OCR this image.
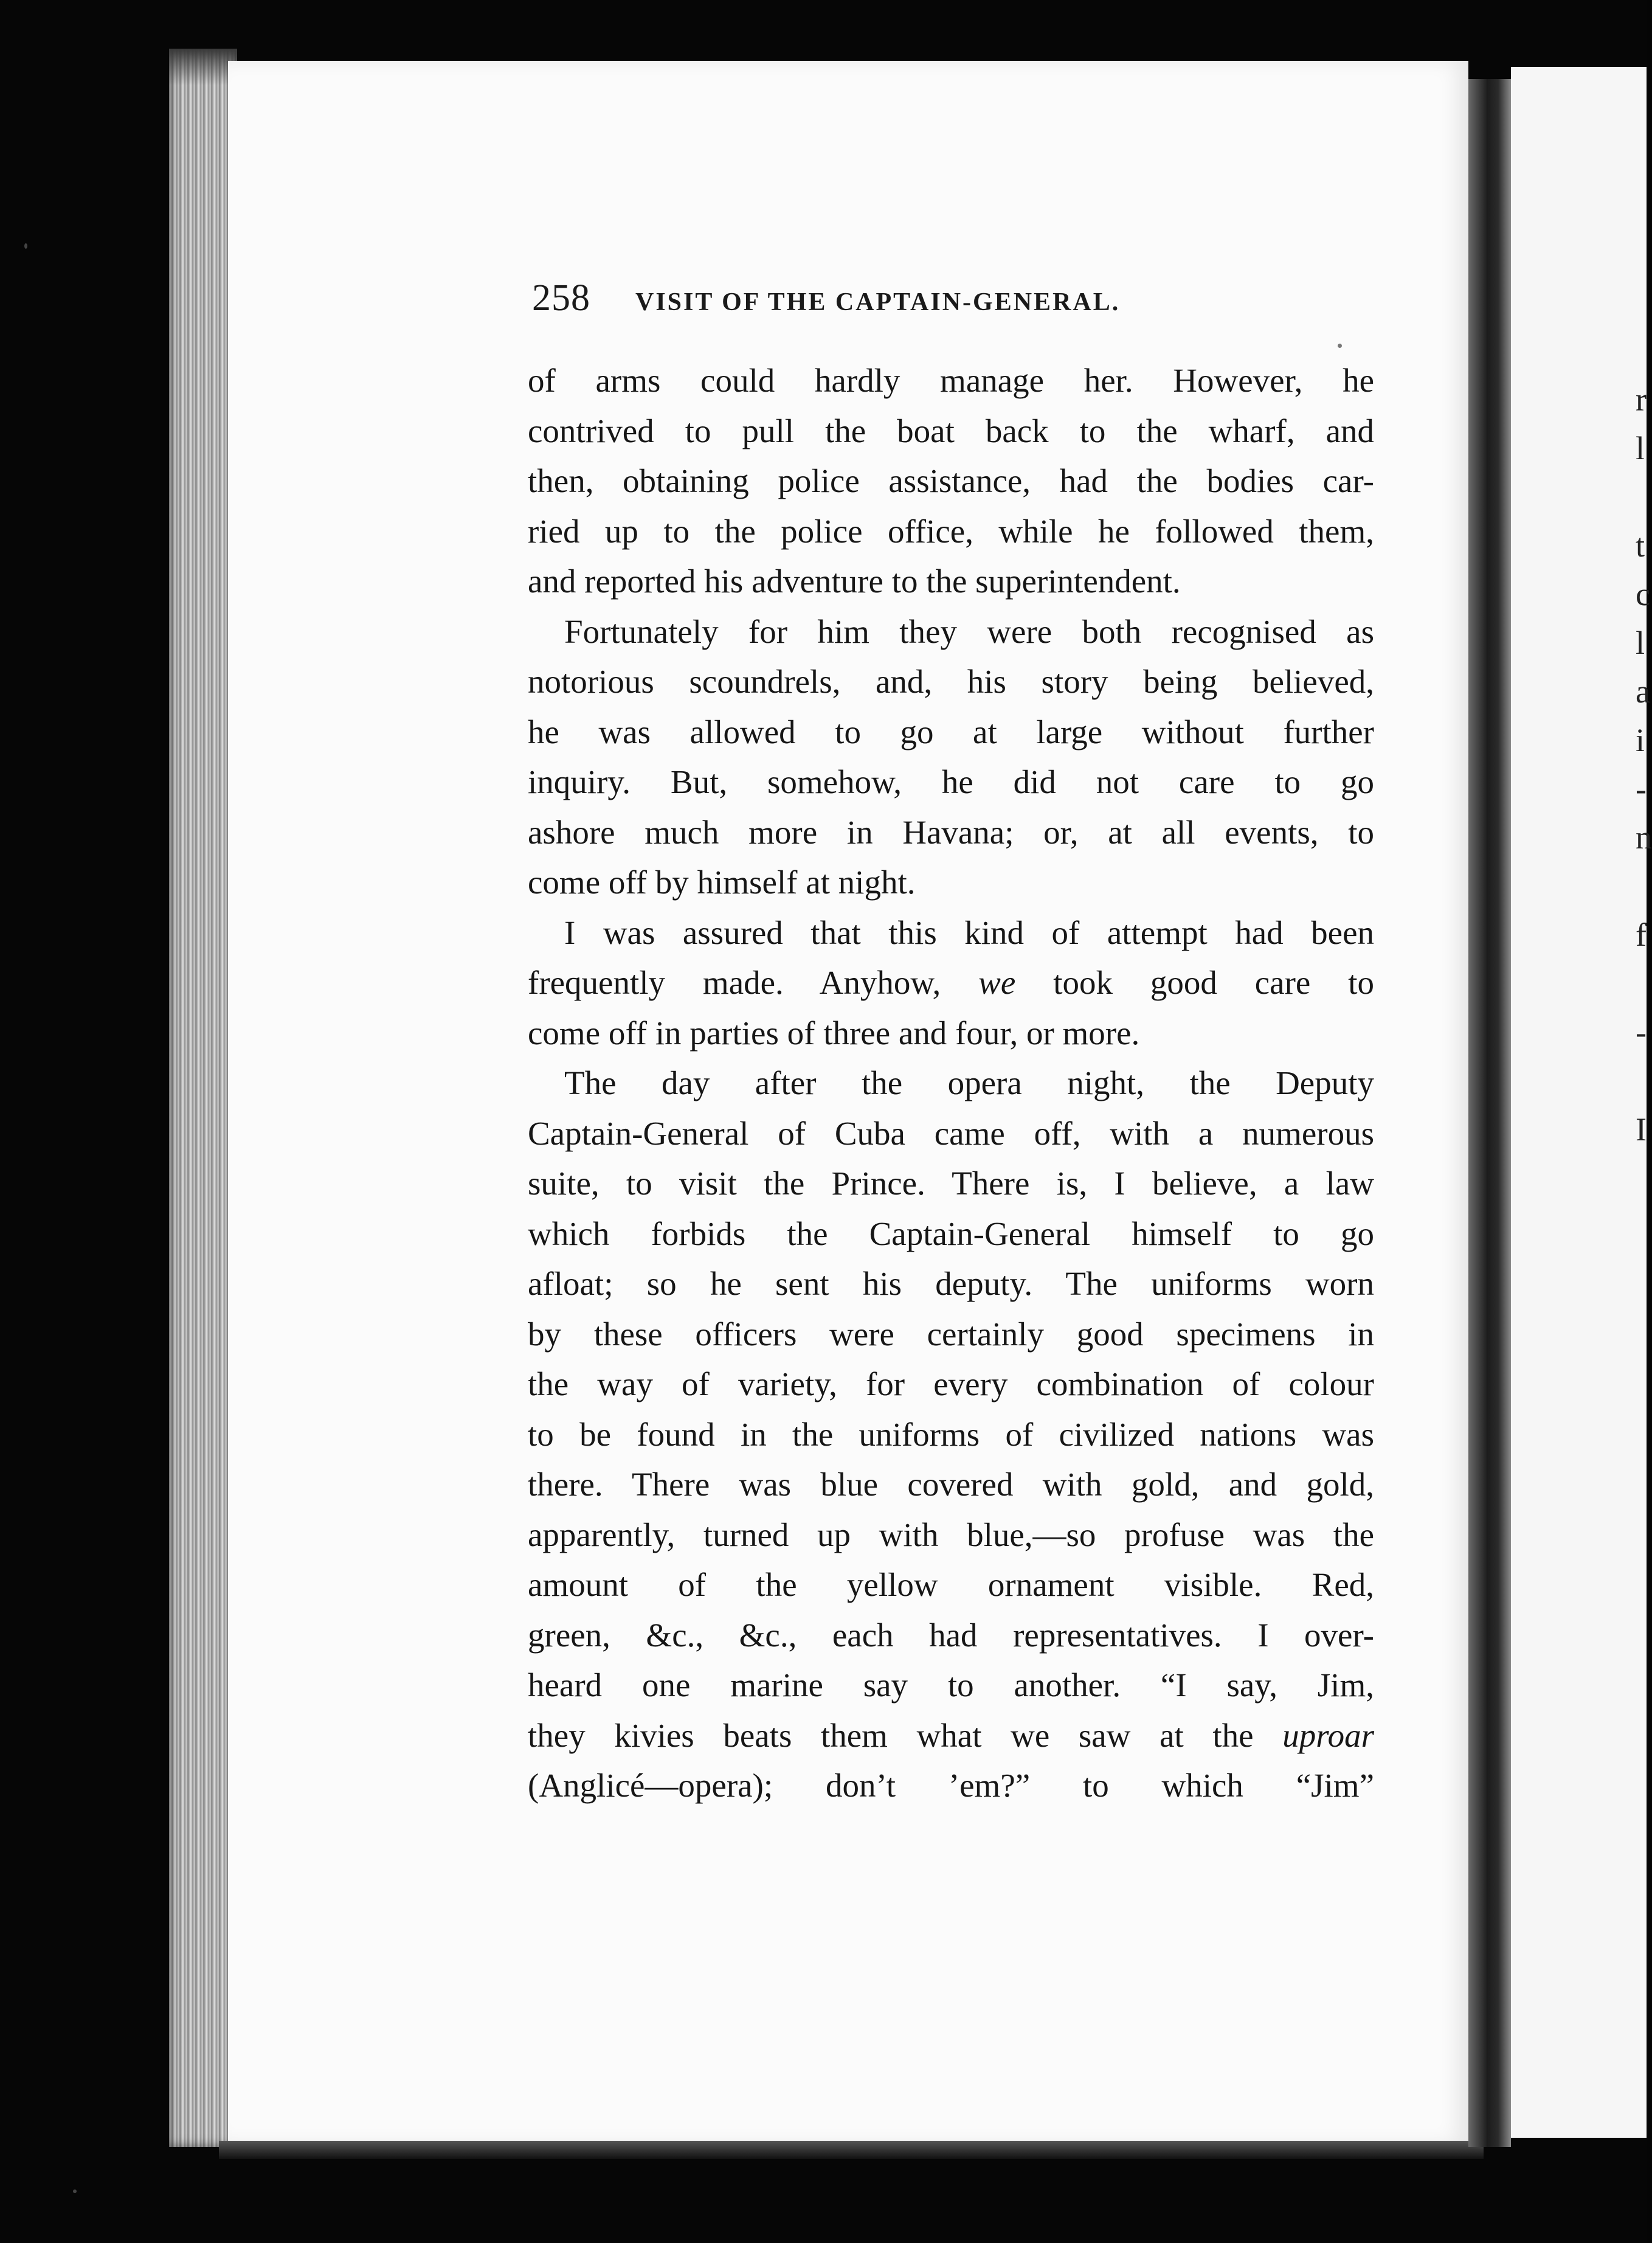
r
l
t
c
l
a
i
-
n
f
-
I
258 VISIT OF THE CAPTAIN-GENERAL.
of arms could hardly manage her. However, he
contrived to pull the boat back to the wharf, and
then, obtaining police assistance, had the bodies car-
ried up to the police office, while he followed them,
and reported his adventure to the superintendent.
Fortunately for him they were both recognised as
notorious scoundrels, and, his story being believed,
he was allowed to go at large without further
inquiry. But, somehow, he did not care to go
ashore much more in Havana; or, at all events, to
come off by himself at night.
I was assured that this kind of attempt had been
frequently made. Anyhow, we took good care to
come off in parties of three and four, or more.
The day after the opera night, the Deputy
Captain-General of Cuba came off, with a numerous
suite, to visit the Prince. There is, I believe, a law
which forbids the Captain-General himself to go
afloat; so he sent his deputy. The uniforms worn
by these officers were certainly good specimens in
the way of variety, for every combination of colour
to be found in the uniforms of civilized nations was
there. There was blue covered with gold, and gold,
apparently, turned up with blue,—so profuse was the
amount of the yellow ornament visible. Red,
green, &c., &c., each had representatives. I over-
heard one marine say to another. “I say, Jim,
they kivies beats them what we saw at the uproar
(Anglicé—opera); don’t ’em?” to which “Jim”
